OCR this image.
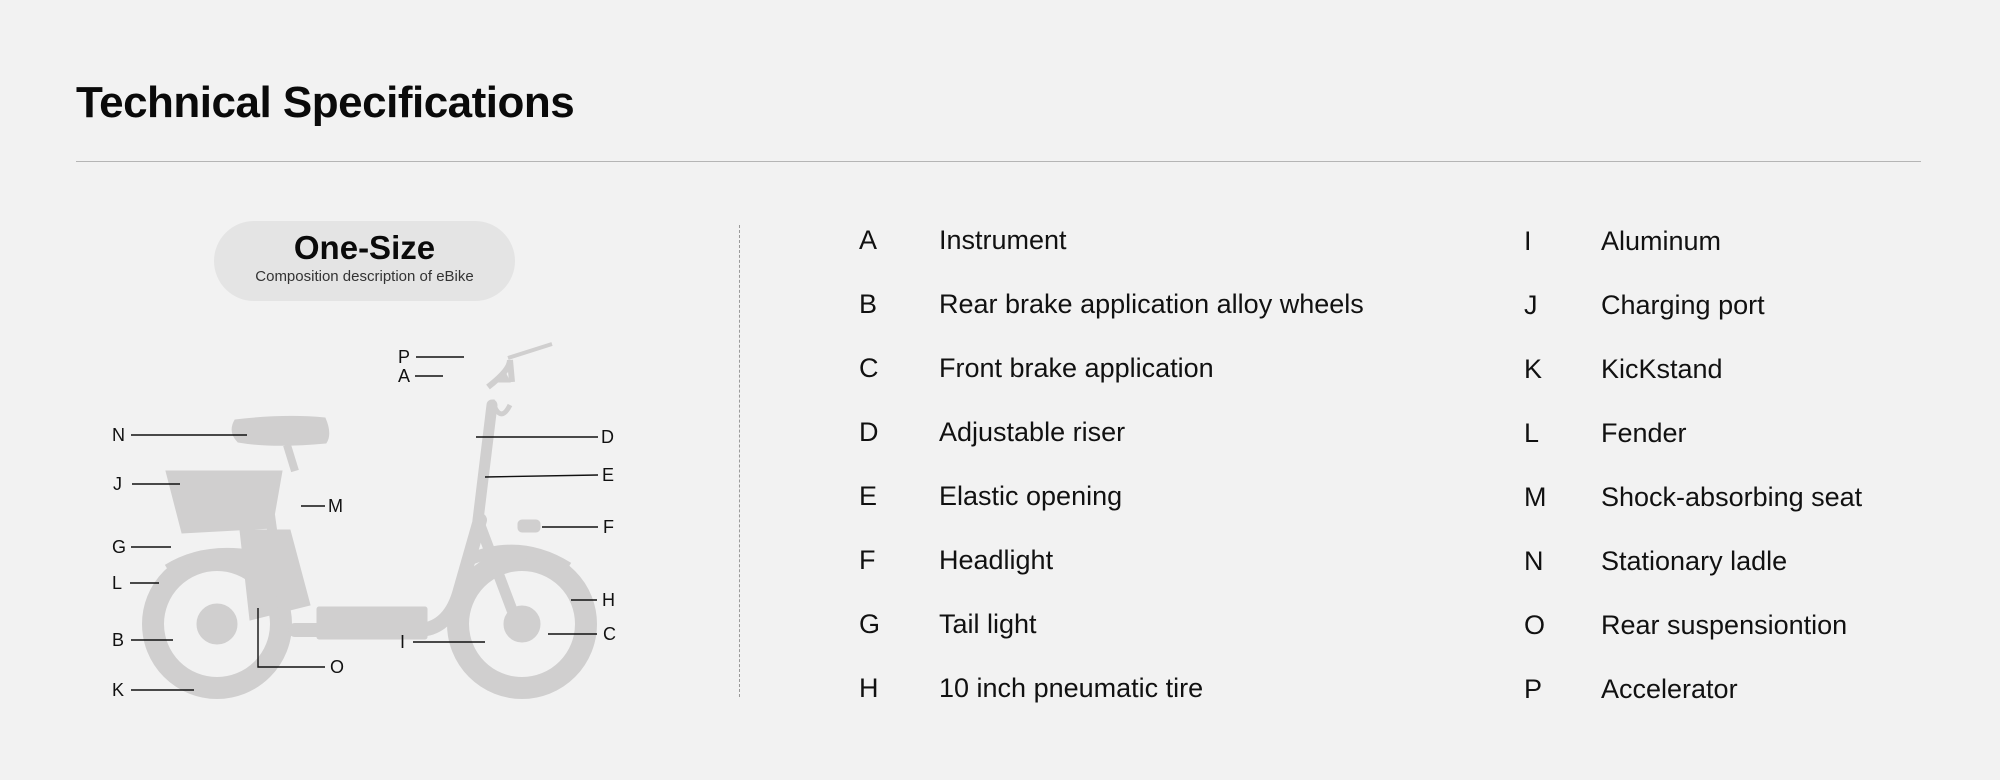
Technical Specifications
One-Size
Composition description of eBike
P
A
N
J
M
G
L
B
K
O
I
D
E
F
H
C
A Instrument
B Rear brake application alloy wheels
C Front brake application
D Adjustable riser
E Elastic opening
F Headlight
G Tail light
H 10 inch pneumatic tire
I	Aluminum
J Charging port
K KicKstand
L Fender
M Shock-absorbing seat
N Stationary ladle
O Rear suspensiontion
P Accelerator
